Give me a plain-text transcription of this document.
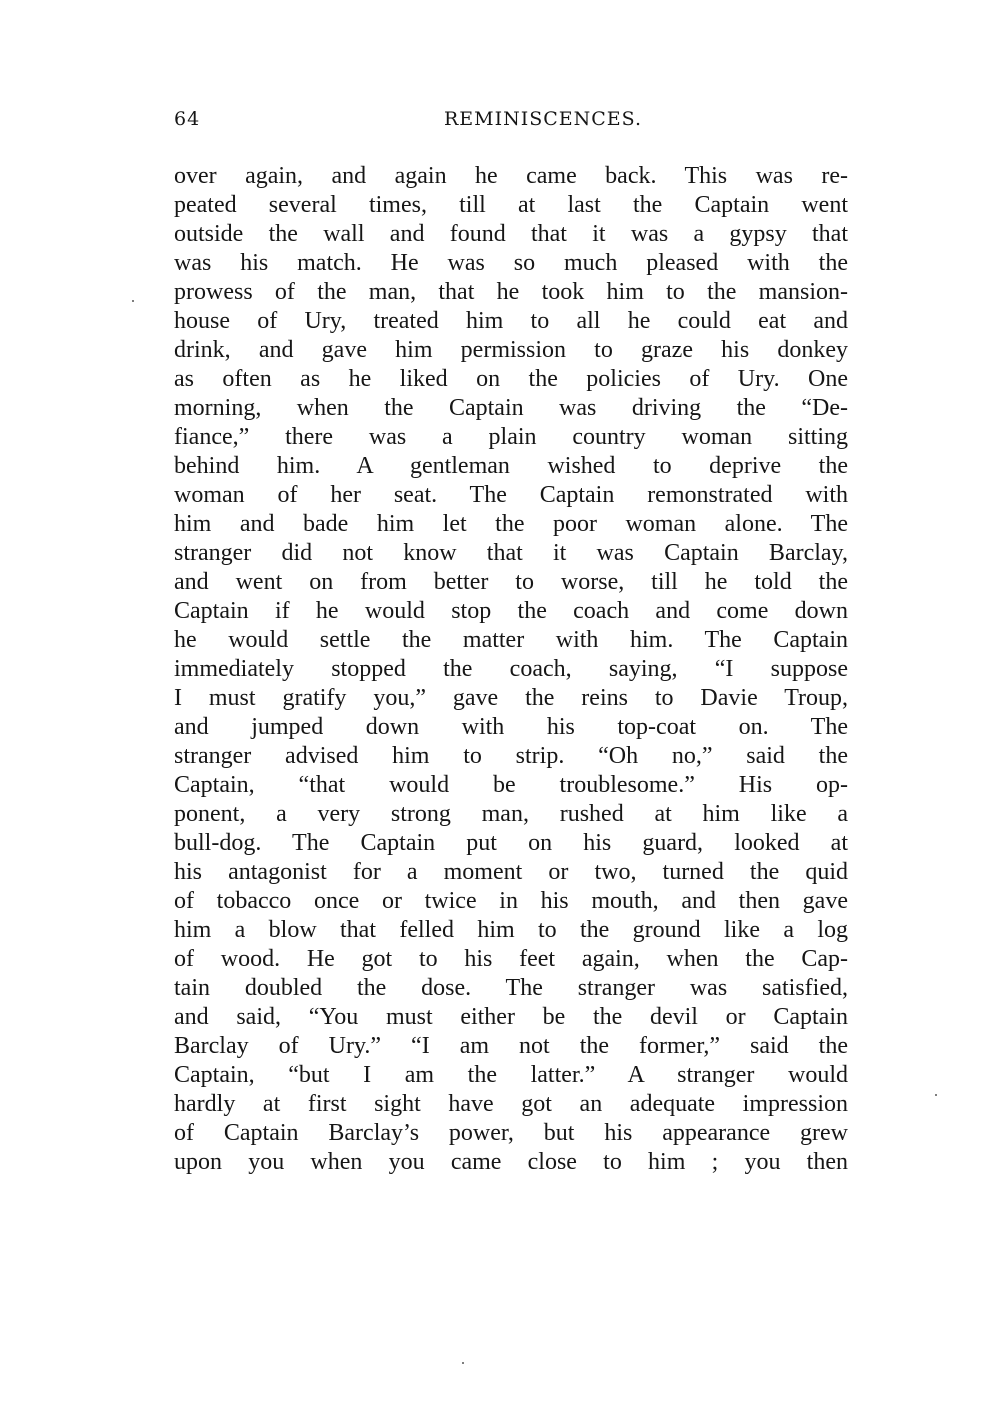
64	REMINISCENCES.
over again, and again he came back. This was re-
peated several times, till at last the Captain went
outside the wall and found that it was a gypsy that
was his match. He was so much pleased with the
prowess of the man, that he took him to the mansion-
house of Ury, treated him to all he could eat and
drink, and gave him permission to graze his donkey
as often as he liked on the policies of Ury. One
morning, when the Captain was driving the “De-
fiance,” there was a plain country woman sitting
behind him. A gentleman wished to deprive the
woman of her seat. The Captain remonstrated with
him and bade him let the poor woman alone. The
stranger did not know that it was Captain Barclay,
and went on from better to worse, till he told the
Captain if he would stop the coach and come down
he would settle the matter with him. The Captain
immediately stopped the coach, saying, “I suppose
I must gratify you,” gave the reins to Davie Troup,
and jumped down with his top-coat on. The
stranger advised him to strip. “Oh no,” said the
Captain, “that would be troublesome.” His op-
ponent, a very strong man, rushed at him like a
bull-dog. The Captain put on his guard, looked at
his antagonist for a moment or two, turned the quid
of tobacco once or twice in his mouth, and then gave
him a blow that felled him to the ground like a log
of wood. He got to his feet again, when the Cap-
tain doubled the dose. The stranger was satisfied,
and said, “You must either be the devil or Captain
Barclay of Ury.” “I am not the former,” said the
Captain, “but I am the latter.” A stranger would
hardly at first sight have got an adequate impression
of Captain Barclay’s power, but his appearance grew
upon you when you came close to him ; you then
